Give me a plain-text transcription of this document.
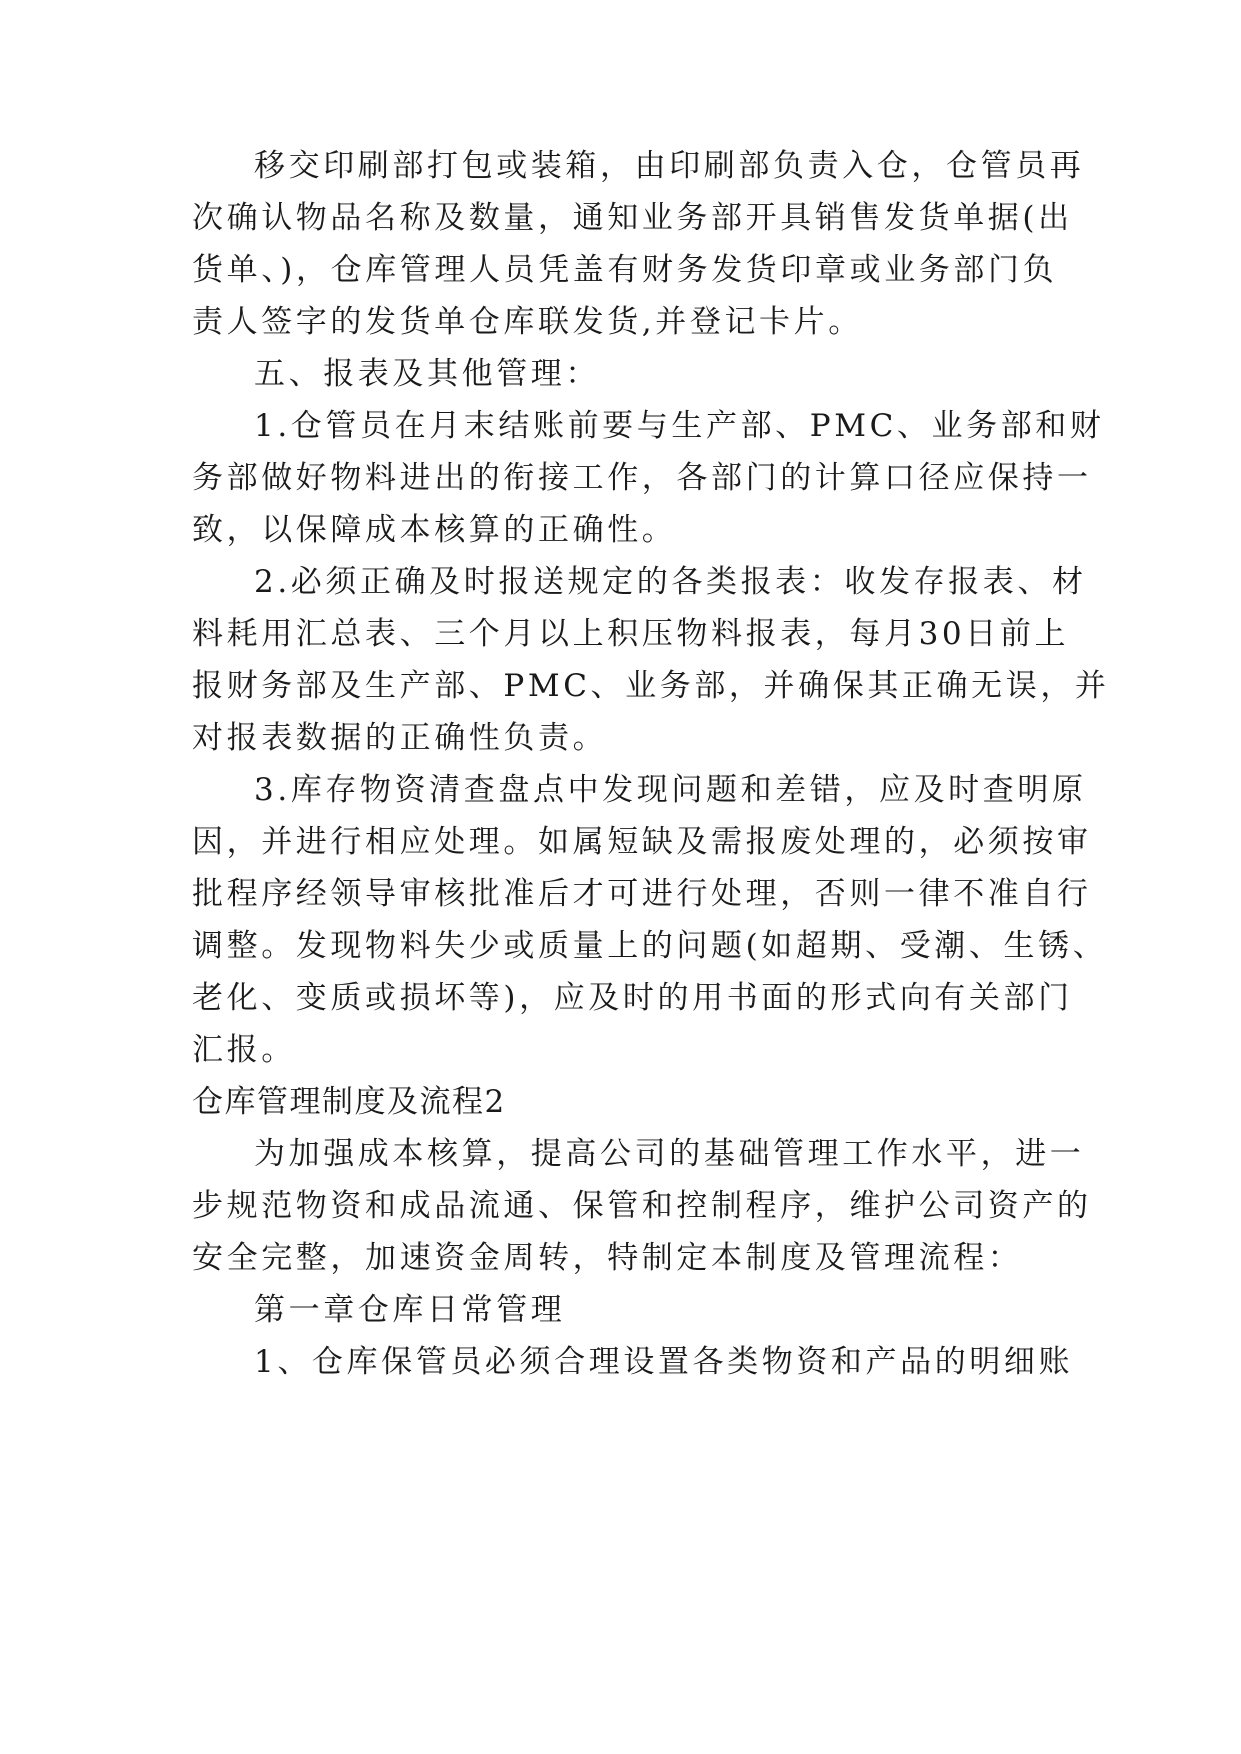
移交印刷部打包或装箱，由印刷部负责入仓，仓管员再
次确认物品名称及数量，通知业务部开具销售发货单据(出
货单、)，仓库管理人员凭盖有财务发货印章或业务部门负
责人签字的发货单仓库联发货,并登记卡片。
五、报表及其他管理：
1.仓管员在月末结账前要与生产部、PMC、业务部和财
务部做好物料进出的衔接工作，各部门的计算口径应保持一
致，以保障成本核算的正确性。
2.必须正确及时报送规定的各类报表：收发存报表、材
料耗用汇总表、三个月以上积压物料报表，每月30日前上
报财务部及生产部、PMC、业务部，并确保其正确无误，并
对报表数据的正确性负责。
3.库存物资清查盘点中发现问题和差错，应及时查明原
因，并进行相应处理。如属短缺及需报废处理的，必须按审
批程序经领导审核批准后才可进行处理，否则一律不准自行
调整。发现物料失少或质量上的问题(如超期、受潮、生锈、
老化、变质或损坏等)，应及时的用书面的形式向有关部门
汇报。
仓库管理制度及流程2
为加强成本核算，提高公司的基础管理工作水平，进一
步规范物资和成品流通、保管和控制程序，维护公司资产的
安全完整，加速资金周转，特制定本制度及管理流程：
第一章仓库日常管理
1、仓库保管员必须合理设置各类物资和产品的明细账
